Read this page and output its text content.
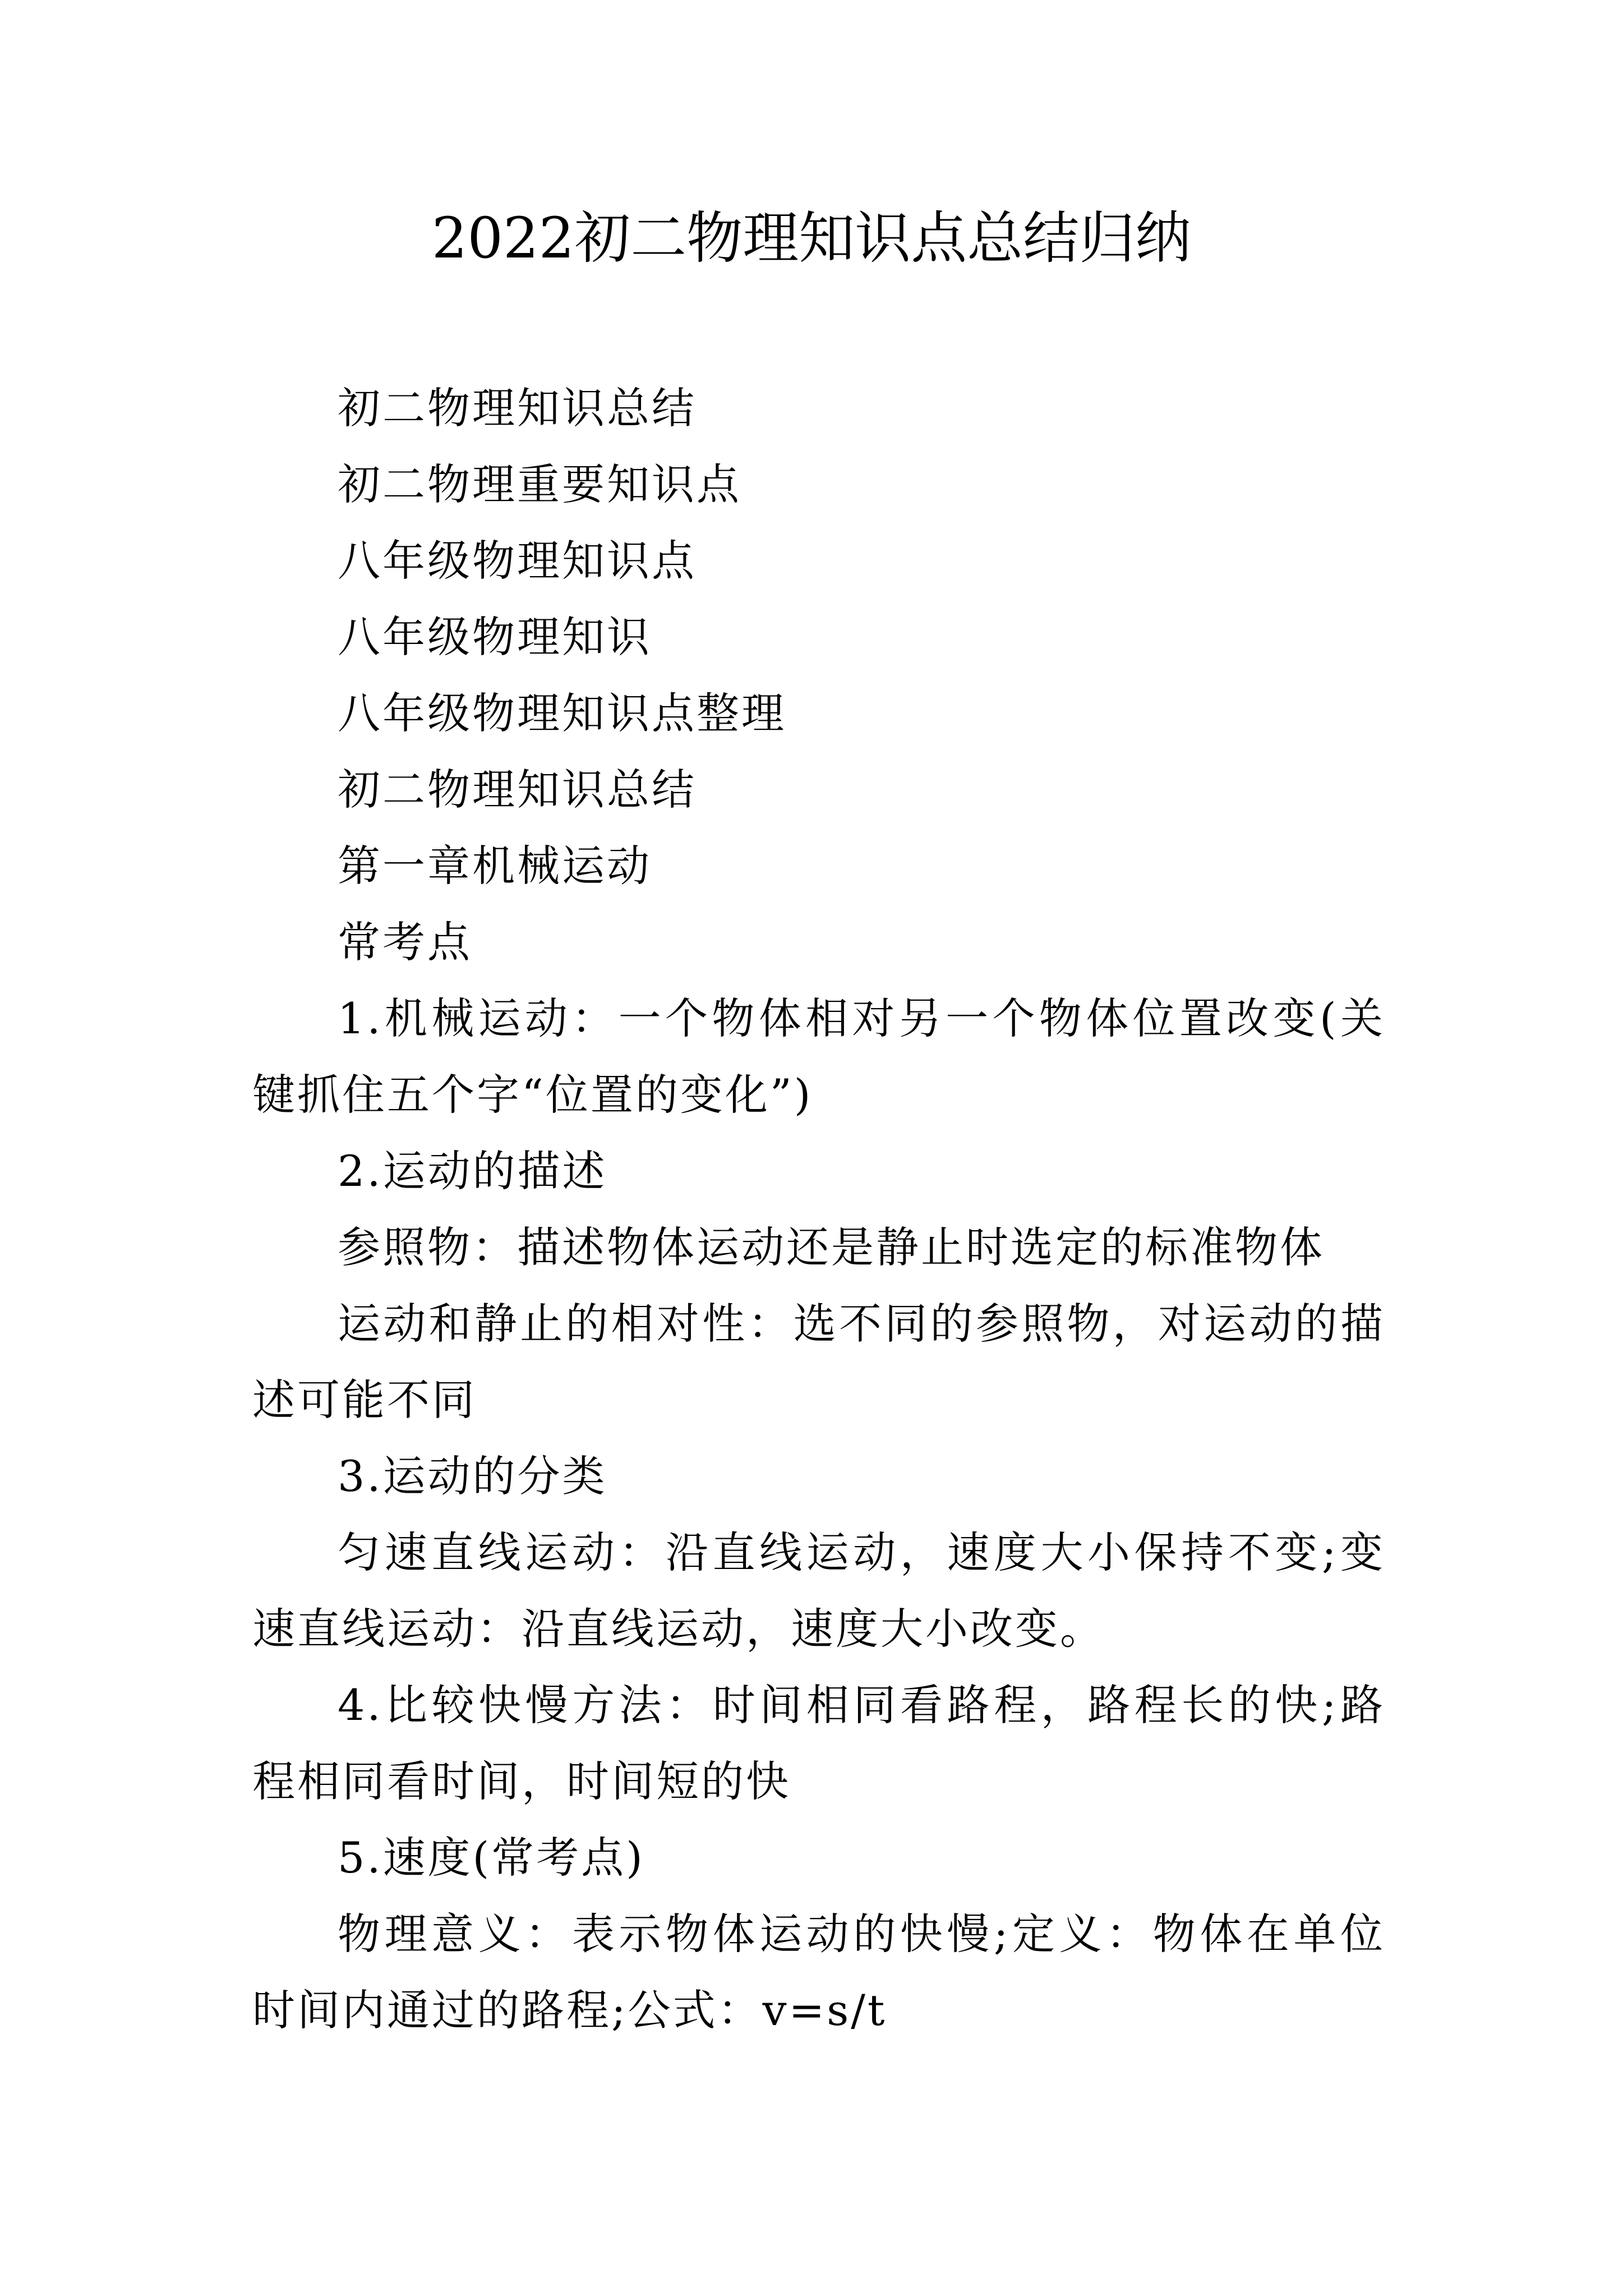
2022初二物理知识点总结归纳

初二物理知识总结

初二物理重要知识点

八年级物理知识点

八年级物理知识

八年级物理知识点整理

初二物理知识总结

第一章机械运动

常考点

1.机械运动：一个物体相对另一个物体位置改变(关键抓住五个字“位置的变化”)

2.运动的描述

参照物：描述物体运动还是静止时选定的标准物体

运动和静止的相对性：选不同的参照物，对运动的描述可能不同

3.运动的分类

匀速直线运动：沿直线运动，速度大小保持不变;变速直线运动：沿直线运动，速度大小改变。

4.比较快慢方法：时间相同看路程，路程长的快;路程相同看时间，时间短的快

5.速度(常考点)

物理意义：表示物体运动的快慢;定义：物体在单位时间内通过的路程;公式：v=s/t
